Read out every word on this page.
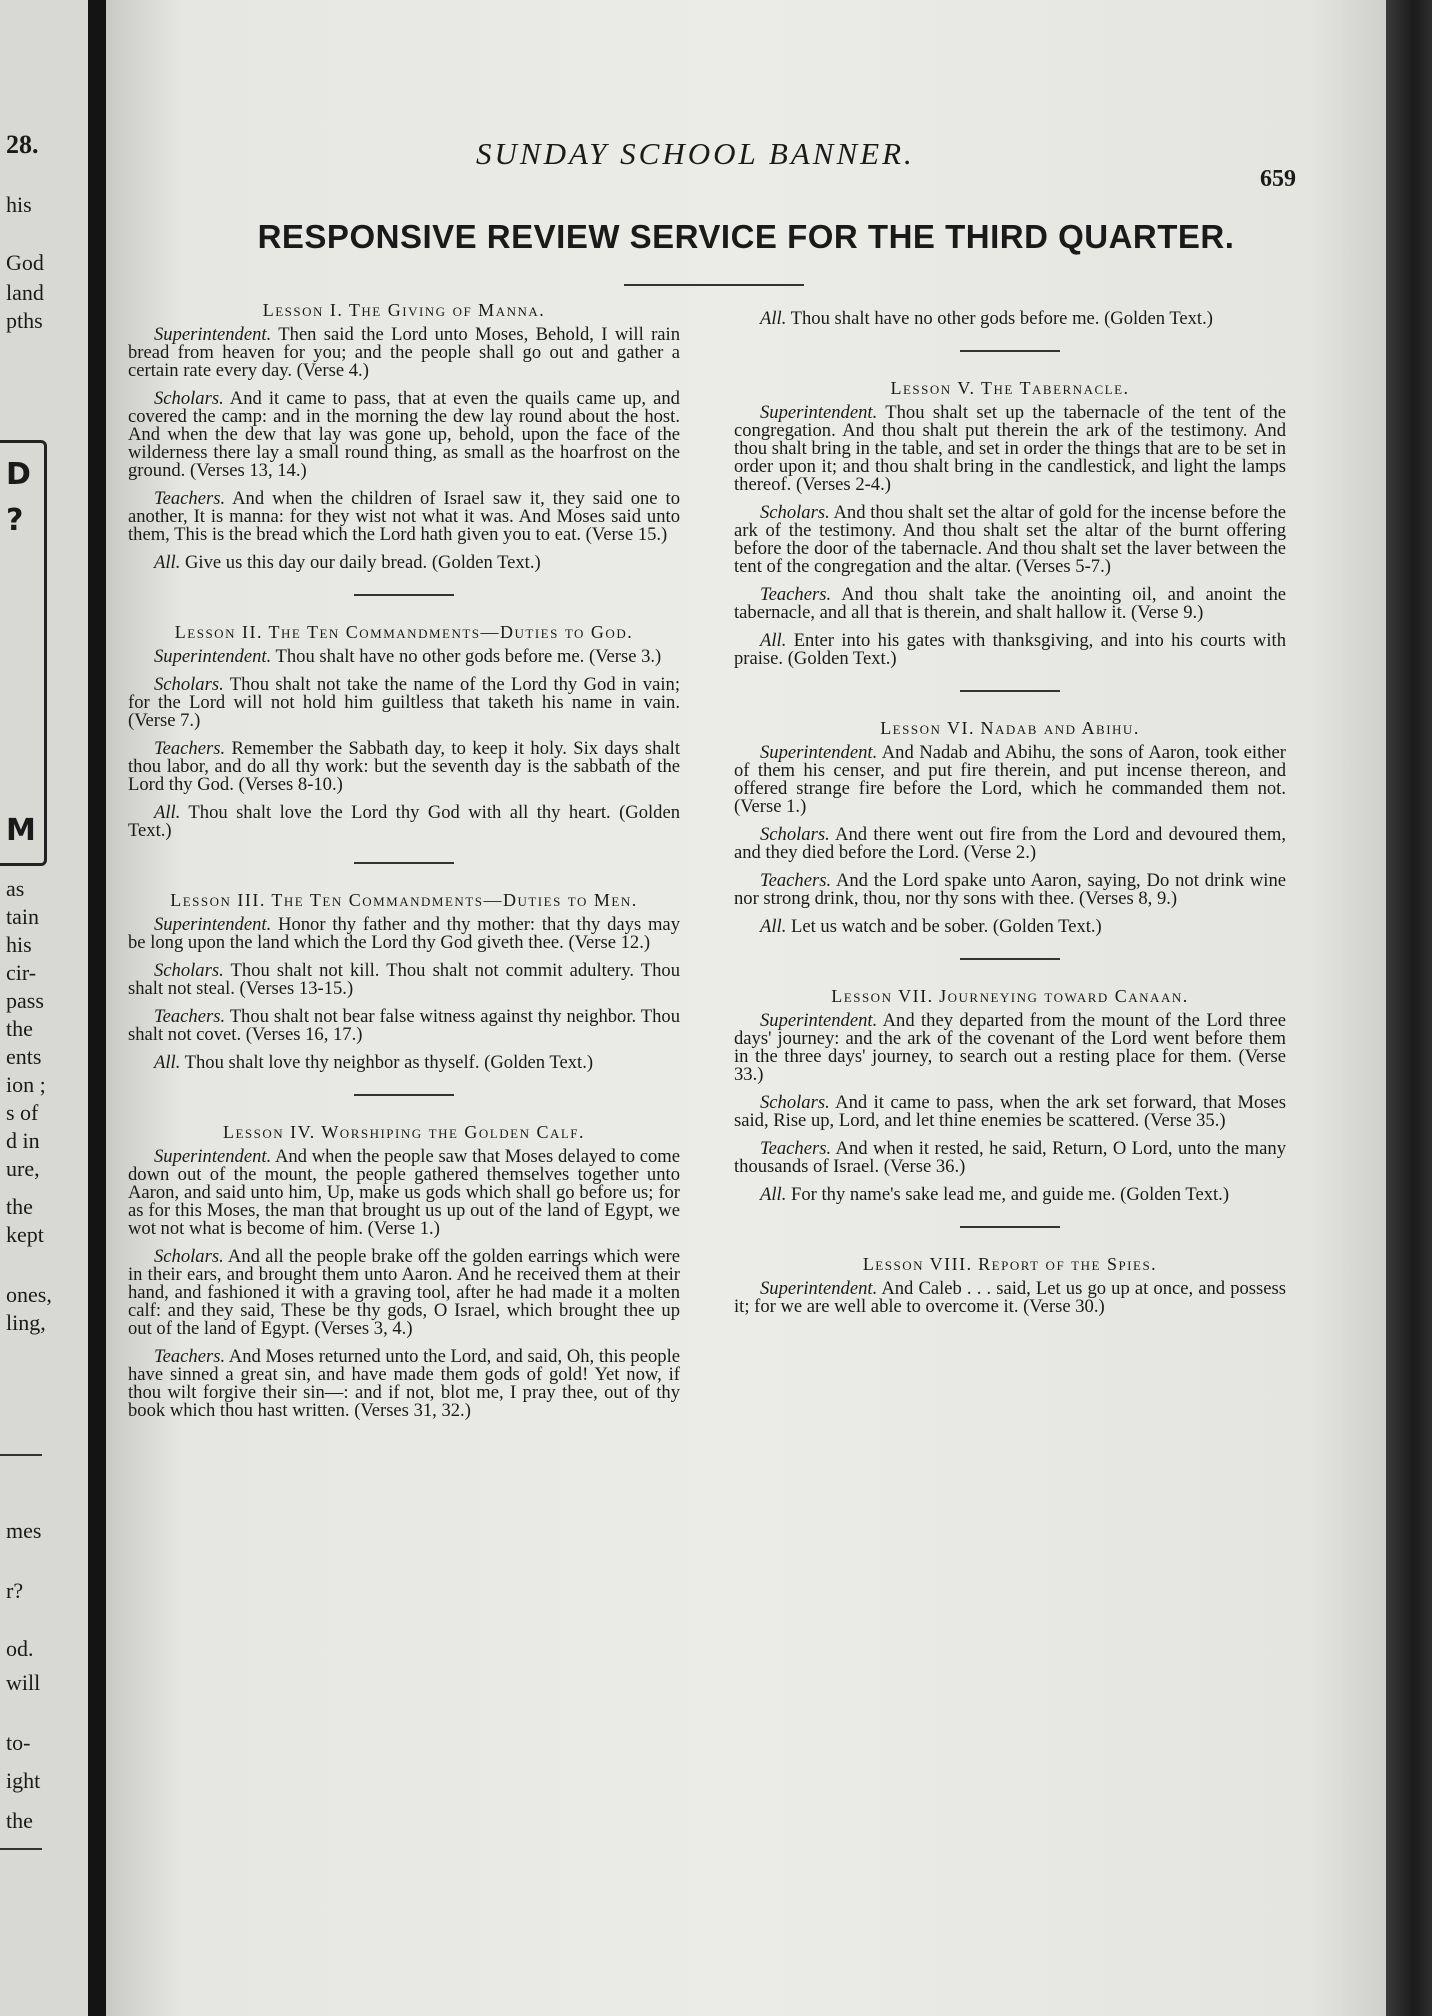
28.
his
God
land
pths
D
?
M
as
tain
his
cir-
pass
the
ents
ion ;
s of
d in
ure,
the
kept
ones,
ling,
mes
r?
od.
will
to-
ight
the
SUNDAY SCHOOL BANNER.
659
RESPONSIVE REVIEW SERVICE FOR THE THIRD QUARTER.
Lesson I. The Giving of Manna.

Superintendent. Then said the Lord unto Moses, Behold, I will rain bread from heaven for you; and the people shall go out and gather a certain rate every day. (Verse 4.)

Scholars. And it came to pass, that at even the quails came up, and covered the camp: and in the morning the dew lay round about the host. And when the dew that lay was gone up, behold, upon the face of the wilderness there lay a small round thing, as small as the hoarfrost on the ground. (Verses 13, 14.)

Teachers. And when the children of Israel saw it, they said one to another, It is manna: for they wist not what it was. And Moses said unto them, This is the bread which the Lord hath given you to eat. (Verse 15.)

All. Give us this day our daily bread. (Golden Text.)

Lesson II. The Ten Commandments—Duties to God.

Superintendent. Thou shalt have no other gods before me. (Verse 3.)

Scholars. Thou shalt not take the name of the Lord thy God in vain; for the Lord will not hold him guiltless that taketh his name in vain. (Verse 7.)

Teachers. Remember the Sabbath day, to keep it holy. Six days shalt thou labor, and do all thy work: but the seventh day is the sabbath of the Lord thy God. (Verses 8-10.)

All. Thou shalt love the Lord thy God with all thy heart. (Golden Text.)

Lesson III. The Ten Commandments—Duties to Men.

Superintendent. Honor thy father and thy mother: that thy days may be long upon the land which the Lord thy God giveth thee. (Verse 12.)

Scholars. Thou shalt not kill. Thou shalt not commit adultery. Thou shalt not steal. (Verses 13-15.)

Teachers. Thou shalt not bear false witness against thy neighbor. Thou shalt not covet. (Verses 16, 17.)

All. Thou shalt love thy neighbor as thyself. (Golden Text.)

Lesson IV. Worshiping the Golden Calf.

Superintendent. And when the people saw that Moses delayed to come down out of the mount, the people gathered themselves together unto Aaron, and said unto him, Up, make us gods which shall go before us; for as for this Moses, the man that brought us up out of the land of Egypt, we wot not what is become of him. (Verse 1.)

Scholars. And all the people brake off the golden earrings which were in their ears, and brought them unto Aaron. And he received them at their hand, and fashioned it with a graving tool, after he had made it a molten calf: and they said, These be thy gods, O Israel, which brought thee up out of the land of Egypt. (Verses 3, 4.)

Teachers. And Moses returned unto the Lord, and said, Oh, this people have sinned a great sin, and have made them gods of gold! Yet now, if thou wilt forgive their sin—: and if not, blot me, I pray thee, out of thy book which thou hast written. (Verses 31, 32.)

All. Thou shalt have no other gods before me. (Golden Text.)

Lesson V. The Tabernacle.

Superintendent. Thou shalt set up the tabernacle of the tent of the congregation. And thou shalt put therein the ark of the testimony. And thou shalt bring in the table, and set in order the things that are to be set in order upon it; and thou shalt bring in the candlestick, and light the lamps thereof. (Verses 2-4.)

Scholars. And thou shalt set the altar of gold for the incense before the ark of the testimony. And thou shalt set the altar of the burnt offering before the door of the tabernacle. And thou shalt set the laver between the tent of the congregation and the altar. (Verses 5-7.)

Teachers. And thou shalt take the anointing oil, and anoint the tabernacle, and all that is therein, and shalt hallow it. (Verse 9.)

All. Enter into his gates with thanksgiving, and into his courts with praise. (Golden Text.)

Lesson VI. Nadab and Abihu.

Superintendent. And Nadab and Abihu, the sons of Aaron, took either of them his censer, and put fire therein, and put incense thereon, and offered strange fire before the Lord, which he commanded them not. (Verse 1.)

Scholars. And there went out fire from the Lord and devoured them, and they died before the Lord. (Verse 2.)

Teachers. And the Lord spake unto Aaron, saying, Do not drink wine nor strong drink, thou, nor thy sons with thee. (Verses 8, 9.)

All. Let us watch and be sober. (Golden Text.)

Lesson VII. Journeying toward Canaan.

Superintendent. And they departed from the mount of the Lord three days' journey: and the ark of the covenant of the Lord went before them in the three days' journey, to search out a resting place for them. (Verse 33.)

Scholars. And it came to pass, when the ark set forward, that Moses said, Rise up, Lord, and let thine enemies be scattered. (Verse 35.)

Teachers. And when it rested, he said, Return, O Lord, unto the many thousands of Israel. (Verse 36.)

All. For thy name's sake lead me, and guide me. (Golden Text.)

Lesson VIII. Report of the Spies.

Superintendent. And Caleb . . . said, Let us go up at once, and possess it; for we are well able to overcome it. (Verse 30.)
